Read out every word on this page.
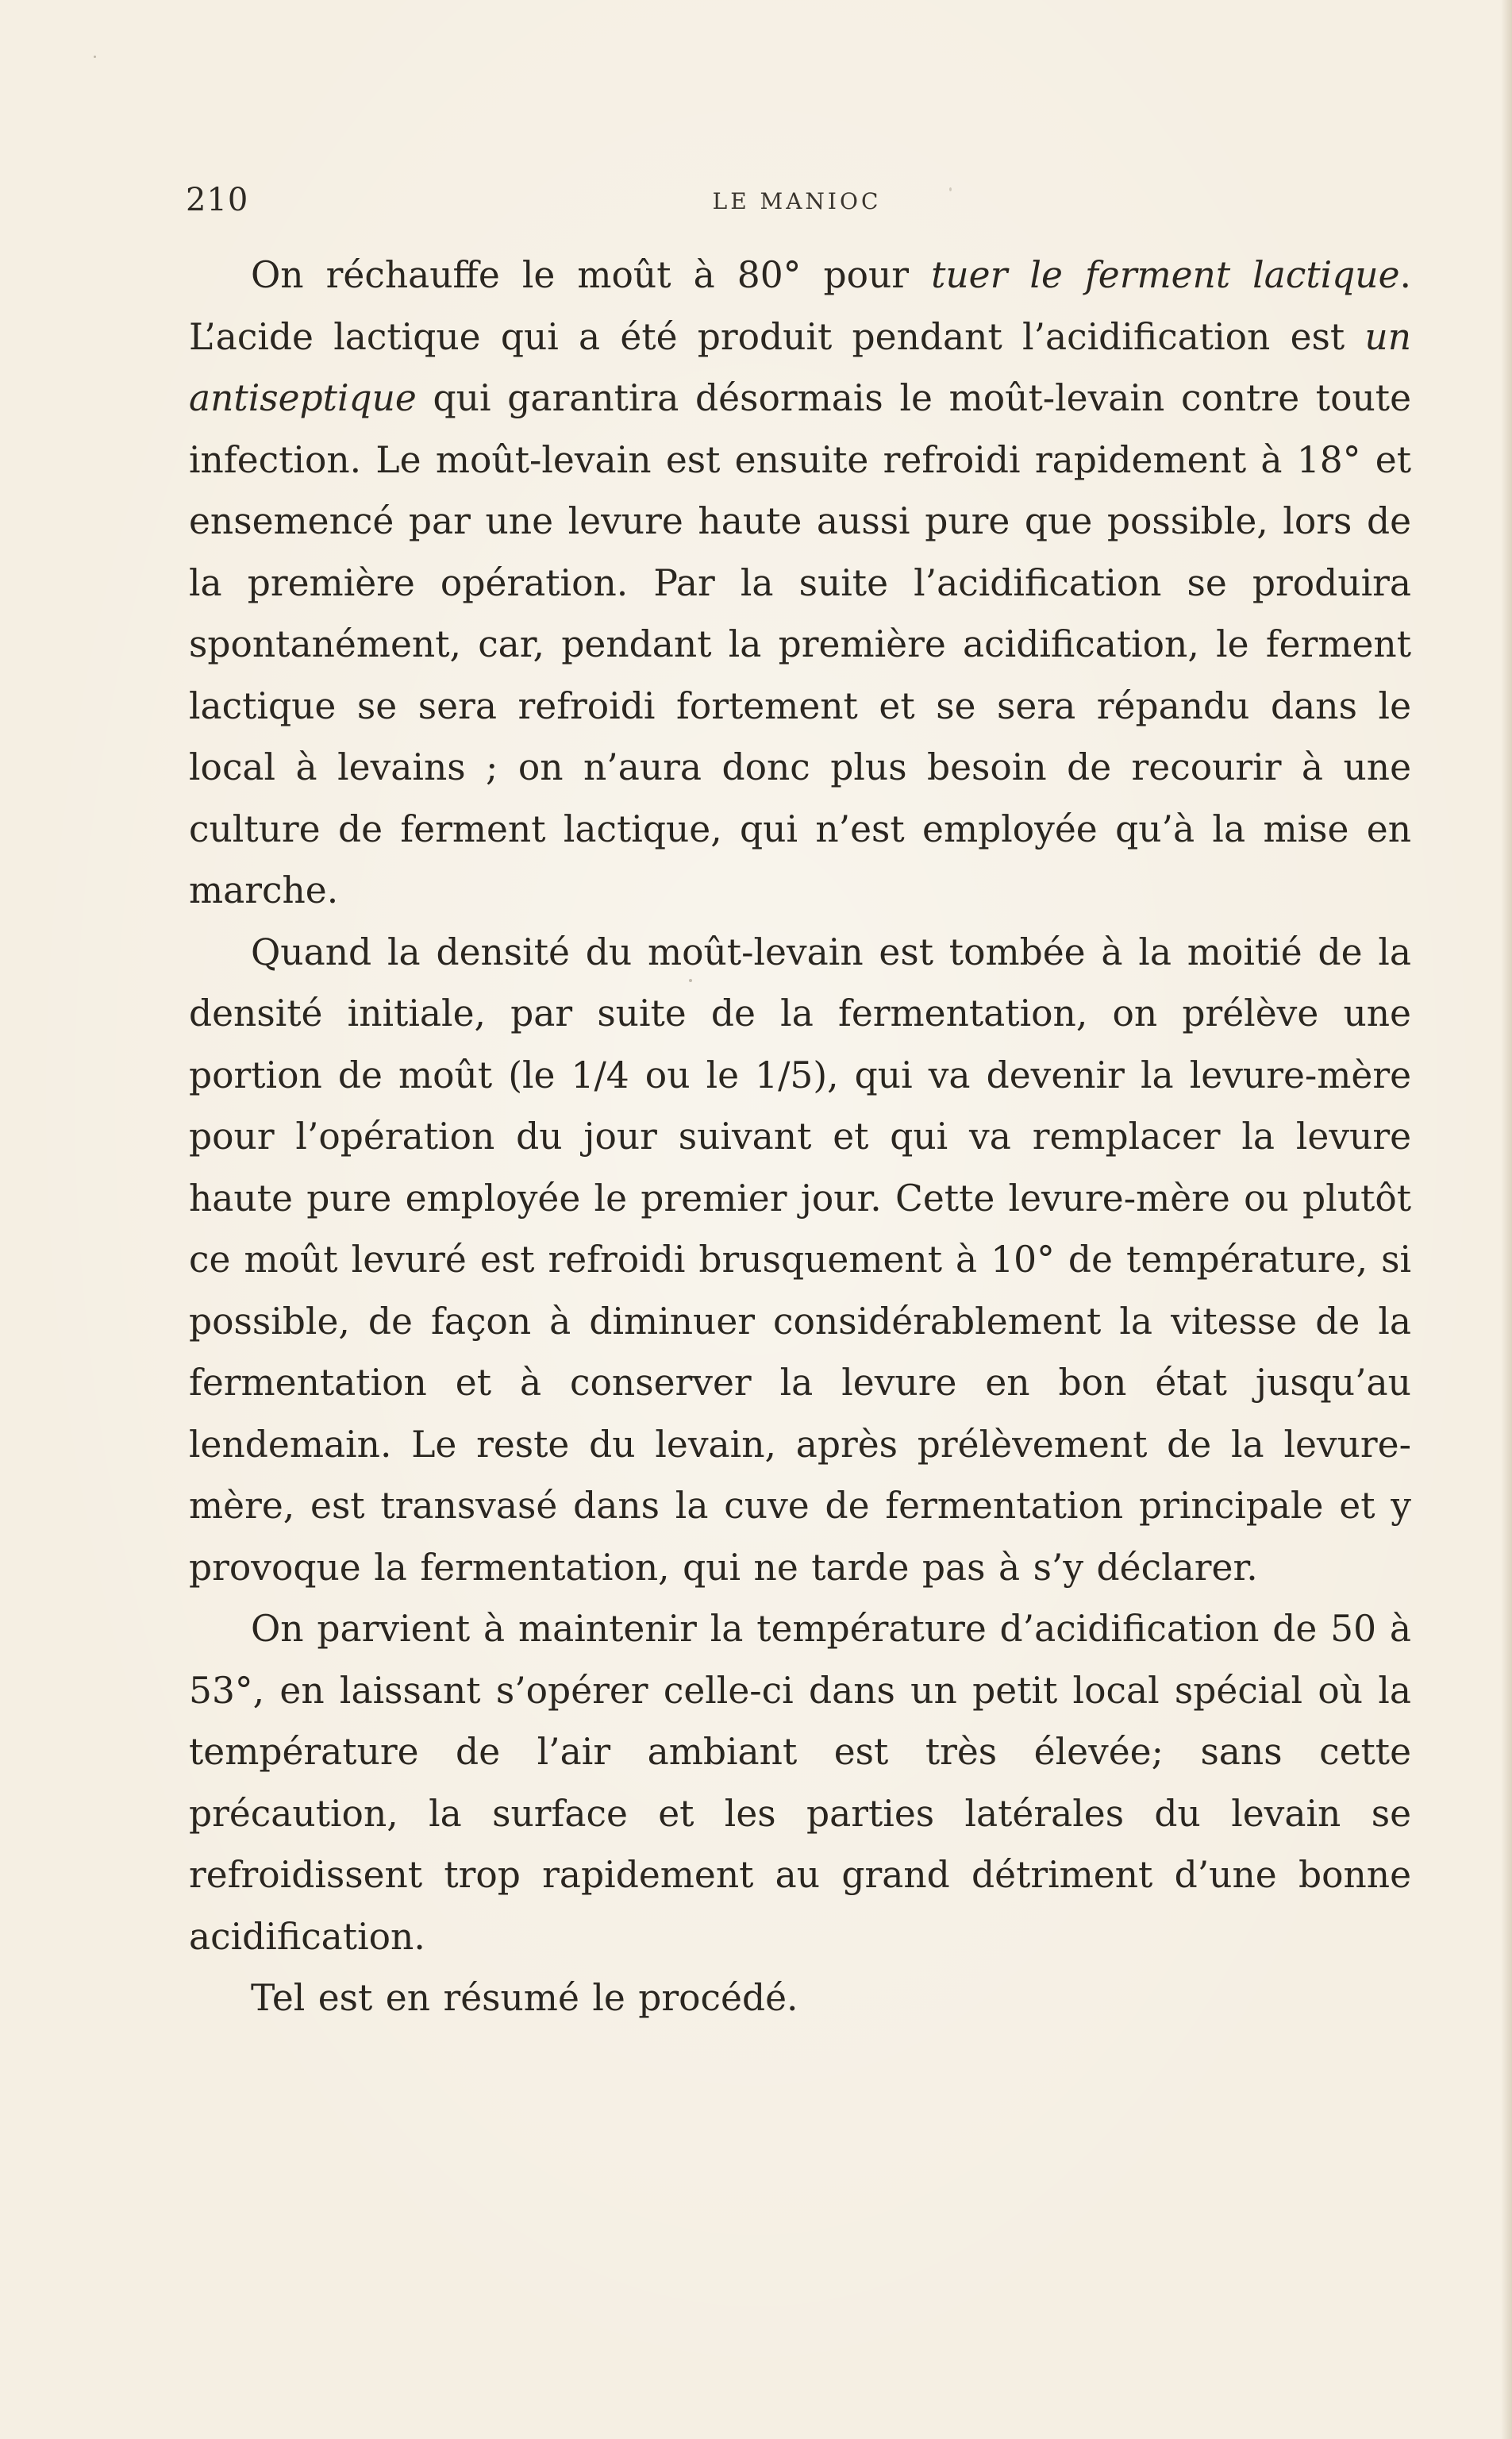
210	LE MANIOC

On réchauffe le moût à 80° pour tuer le ferment lactique. L’acide lactique qui a été produit pendant l’acidification est un antiseptique qui garantira désormais le moût-levain contre toute infection. Le moût-levain est ensuite refroidi rapidement à 18° et ensemencé par une levure haute aussi pure que possible, lors de la première opération. Par la suite l’acidification se produira spontanément, car, pendant la première acidification, le ferment lactique se sera refroidi fortement et se sera répandu dans le local à levains ; on n’aura donc plus besoin de recourir à une culture de ferment lactique, qui n’est employée qu’à la mise en marche.

Quand la densité du moût-levain est tombée à la moitié de la densité initiale, par suite de la fermentation, on prélève une portion de moût (le 1/4 ou le 1/5), qui va devenir la levure-mère pour l’opération du jour suivant et qui va remplacer la levure haute pure employée le premier jour. Cette levure-mère ou plutôt ce moût levuré est refroidi brusquement à 10° de température, si possible, de façon à diminuer considérablement la vitesse de la fermentation et à conserver la levure en bon état jusqu’au lendemain. Le reste du levain, après prélèvement de la levure-mère, est transvasé dans la cuve de fermentation principale et y provoque la fermentation, qui ne tarde pas à s’y déclarer.

On parvient à maintenir la température d’acidification de 50 à 53°, en laissant s’opérer celle-ci dans un petit local spécial où la température de l’air ambiant est très élevée; sans cette précaution, la surface et les parties latérales du levain se refroidissent trop rapidement au grand détriment d’une bonne acidification.

Tel est en résumé le procédé.
